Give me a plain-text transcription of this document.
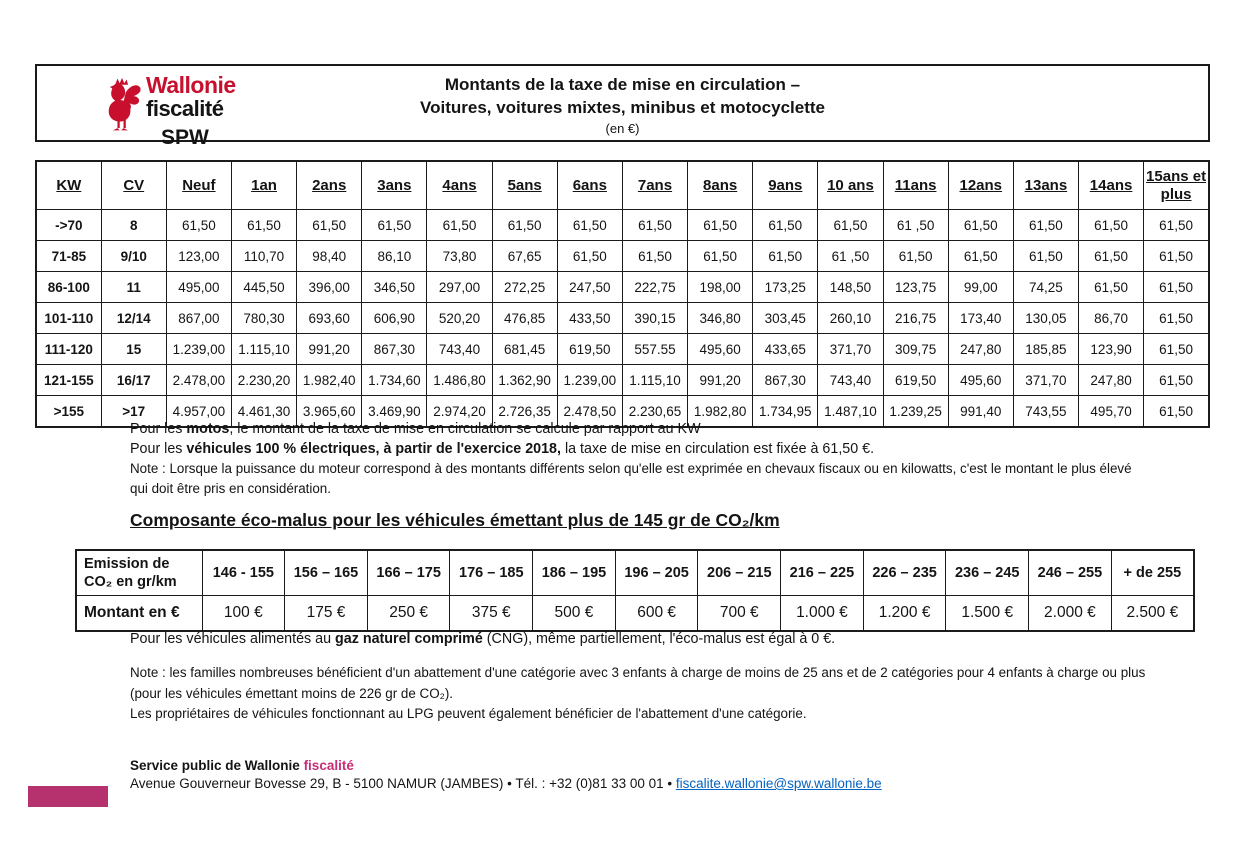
Wallonie
fiscalité
SPW
Montants de la taxe de mise en circulation –
Voitures, voitures mixtes, minibus et motocyclette
(en €)
KW	CV	Neuf	1an	2ans	3ans	4ans	5ans	6ans	7ans	8ans	9ans	10 ans	11ans	12ans	13ans	14ans	15ans et plus
->70	8	61,50	61,50	61,50	61,50	61,50	61,50	61,50	61,50	61,50	61,50	61,50	61 ,50	61,50	61,50	61,50	61,50
71-85	9/10	123,00	110,70	98,40	86,10	73,80	67,65	61,50	61,50	61,50	61,50	61 ,50	61,50	61,50	61,50	61,50	61,50
86-100	11	495,00	445,50	396,00	346,50	297,00	272,25	247,50	222,75	198,00	173,25	148,50	123,75	99,00	74,25	61,50	61,50
101-110	12/14	867,00	780,30	693,60	606,90	520,20	476,85	433,50	390,15	346,80	303,45	260,10	216,75	173,40	130,05	86,70	61,50
111-120	15	1.239,00	1.115,10	991,20	867,30	743,40	681,45	619,50	557.55	495,60	433,65	371,70	309,75	247,80	185,85	123,90	61,50
121-155	16/17	2.478,00	2.230,20	1.982,40	1.734,60	1.486,80	1.362,90	1.239,00	1.115,10	991,20	867,30	743,40	619,50	495,60	371,70	247,80	61,50
>155	>17	4.957,00	4.461,30	3.965,60	3.469,90	2.974,20	2.726,35	2.478,50	2.230,65	1.982,80	1.734,95	1.487,10	1.239,25	991,40	743,55	495,70	61,50
Pour les motos, le montant de la taxe de mise en circulation se calcule par rapport au KW
Pour les véhicules 100 % électriques, à partir de l'exercice 2018, la taxe de mise en circulation est fixée à 61,50 €.
Note : Lorsque la puissance du moteur correspond à des montants différents selon qu'elle est exprimée en chevaux fiscaux ou en kilowatts, c'est le montant le plus élevé qui doit être pris en considération.
Composante éco-malus pour les véhicules émettant plus de 145 gr de CO₂/km
Emission de CO₂ en gr/km	146 - 155	156 – 165	166 – 175	176 – 185	186 – 195	196 – 205	206 – 215	216 – 225	226 – 235	236 – 245	246 – 255	+ de 255
Montant en €	100 €	175 €	250 €	375 €	500 €	600 €	700 €	1.000 €	1.200 €	1.500 €	2.000 €	2.500 €
Pour les véhicules alimentés au gaz naturel comprimé (CNG), même partiellement, l'éco-malus est égal à 0 €.
Note : les familles nombreuses bénéficient d'un abattement d'une catégorie avec 3 enfants à charge de moins de 25 ans et de 2 catégories pour 4 enfants à charge ou plus (pour les véhicules émettant moins de 226 gr de CO₂).
Les propriétaires de véhicules fonctionnant au LPG peuvent également bénéficier de l'abattement d'une catégorie.
Service public de Wallonie fiscalité
Avenue Gouverneur Bovesse 29, B - 5100 NAMUR (JAMBES) • Tél. : +32 (0)81 33 00 01 • fiscalite.wallonie@spw.wallonie.be
